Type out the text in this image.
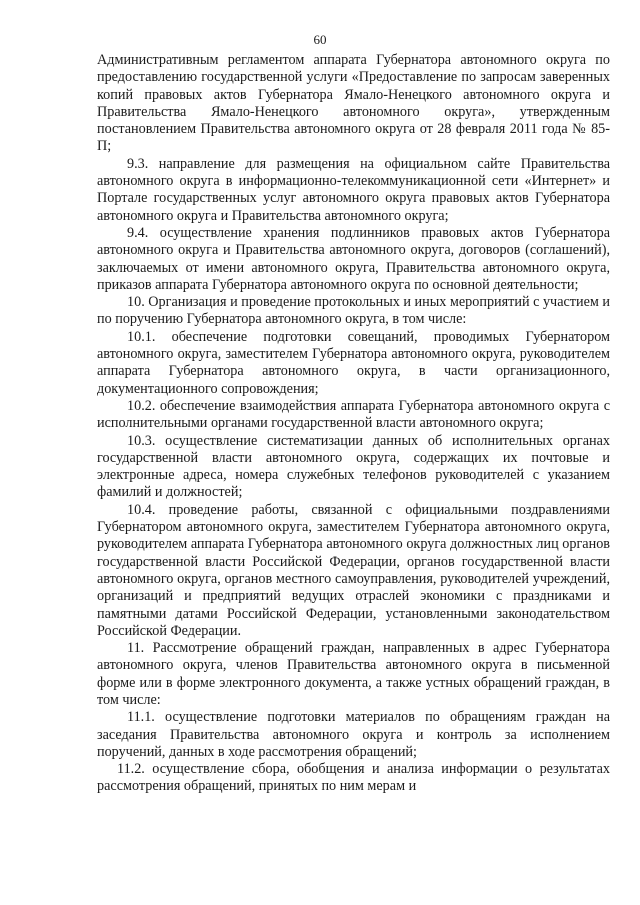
60

Административным регламентом аппарата Губернатора автономного округа по предоставлению государственной услуги «Предоставление по запросам заверенных копий правовых актов Губернатора Ямало-Ненецкого автономного округа и Правительства Ямало-Ненецкого автономного округа», утвержденным постановлением Правительства автономного округа от 28 февраля 2011 года № 85-П;

9.3. направление для размещения на официальном сайте Правительства автономного округа в информационно-телекоммуникационной сети «Интернет» и Портале государственных услуг автономного округа правовых актов Губернатора автономного округа и Правительства автономного округа;

9.4. осуществление хранения подлинников правовых актов Губернатора автономного округа и Правительства автономного округа, договоров (соглашений), заключаемых от имени автономного округа, Правительства автономного округа, приказов аппарата Губернатора автономного округа по основной деятельности;

10. Организация и проведение протокольных и иных мероприятий с участием и по поручению Губернатора автономного округа, в том числе:

10.1. обеспечение подготовки совещаний, проводимых Губернатором автономного округа, заместителем Губернатора автономного округа, руководителем аппарата Губернатора автономного округа, в части организационного, документационного сопровождения;

10.2. обеспечение взаимодействия аппарата Губернатора автономного округа с исполнительными органами государственной власти автономного округа;

10.3. осуществление систематизации данных об исполнительных органах государственной власти автономного округа, содержащих их почтовые и электронные адреса, номера служебных телефонов руководителей с указанием фамилий и должностей;

10.4. проведение работы, связанной с официальными поздравлениями Губернатором автономного округа, заместителем Губернатора автономного округа, руководителем аппарата Губернатора автономного округа должностных лиц органов государственной власти Российской Федерации, органов государственной власти автономного округа, органов местного самоуправления, руководителей учреждений, организаций и предприятий ведущих отраслей экономики с праздниками и памятными датами Российской Федерации, установленными законодательством Российской Федерации.

11. Рассмотрение обращений граждан, направленных в адрес Губернатора автономного округа, членов Правительства автономного округа в письменной форме или в форме электронного документа, а также устных обращений граждан, в том числе:

11.1. осуществление подготовки материалов по обращениям граждан на заседания Правительства автономного округа и контроль за исполнением поручений, данных в ходе рассмотрения обращений;

11.2. осуществление сбора, обобщения и анализа информации о результатах рассмотрения обращений, принятых по ним мерам и
